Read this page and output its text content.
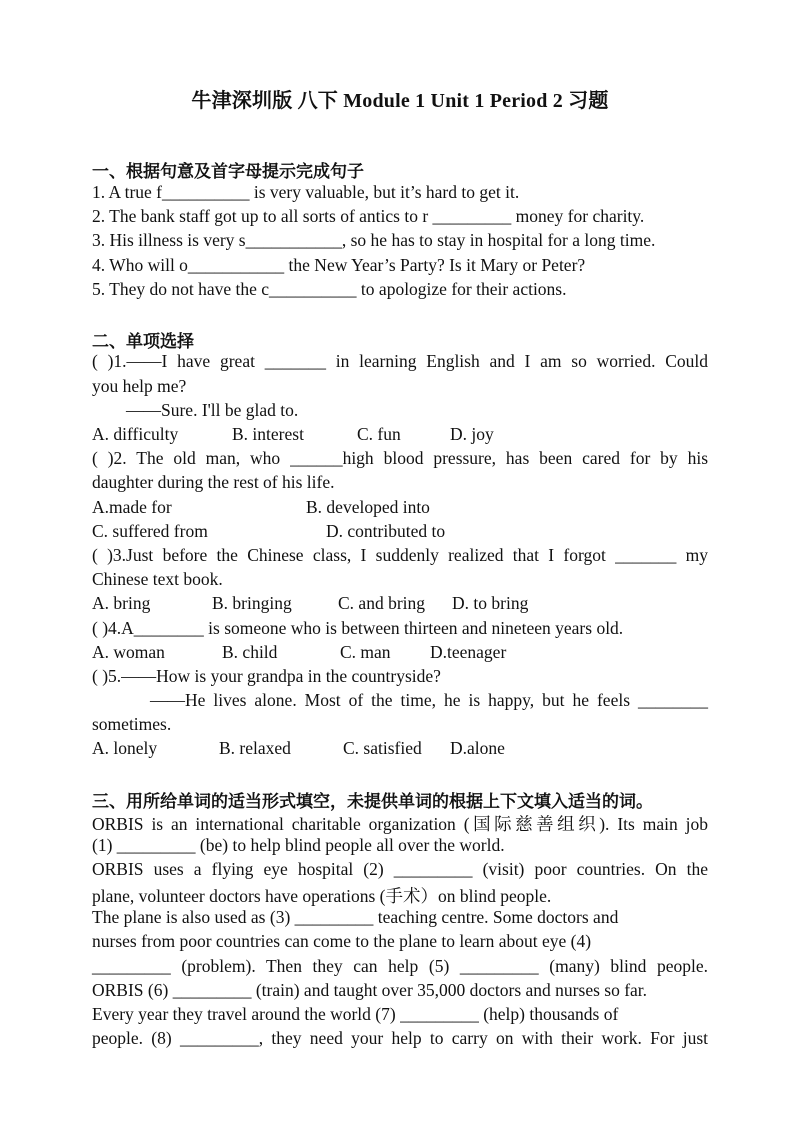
牛津深圳版 八下 Module 1 Unit 1 Period 2 习题
一、根据句意及首字母提示完成句子
1. A true f__________ is very valuable, but it’s hard to get it.
2. The bank staff got up to all sorts of antics to r _________ money for charity.
3. His illness is very s___________, so he has to stay in hospital for a long time.
4. Who will o___________ the New Year’s Party? Is it Mary or Peter?
5. They do not have the c__________ to apologize for their actions.
二、单项选择
( )1.——I have great _______ in learning English and I am so worried. Could
you help me?
——Sure. I'll be glad to.
A. difficulty	B. interest	C. fun	D. joy
( )2. The old man, who ______high blood pressure, has been cared for by his
daughter during the rest of his life.
A.made for	B. developed into
C. suffered from	D. contributed to
( )3.Just before the Chinese class, I suddenly realized that I forgot _______ my
Chinese text book.
A. bring	B. bringing	C. and bring D. to bring
( )4.A________ is someone who is between thirteen and nineteen years old.
A. woman	B. child	C. man D.teenager
( )5.——How is your grandpa in the countryside?
——He lives alone. Most of the time, he is happy, but he feels ________
sometimes.
A. lonely	B. relaxed	C. satisfied D.alone
三、用所给单词的适当形式填空，未提供单词的根据上下文填入适当的词。
ORBIS is an international charitable organization (国际慈善组织). Its main job
(1) _________ (be) to help blind people all over the world.
ORBIS uses a flying eye hospital (2) _________ (visit) poor countries. On the
plane, volunteer doctors have operations (手术）on blind people.
The plane is also used as (3) _________ teaching centre. Some doctors and
nurses from poor countries can come to the plane to learn about eye (4)
_________ (problem). Then they can help (5) _________ (many) blind people.
ORBIS (6) _________ (train) and taught over 35,000 doctors and nurses so far.
Every year they travel around the world (7) _________ (help) thousands of
people. (8) _________, they need your help to carry on with their work. For just
